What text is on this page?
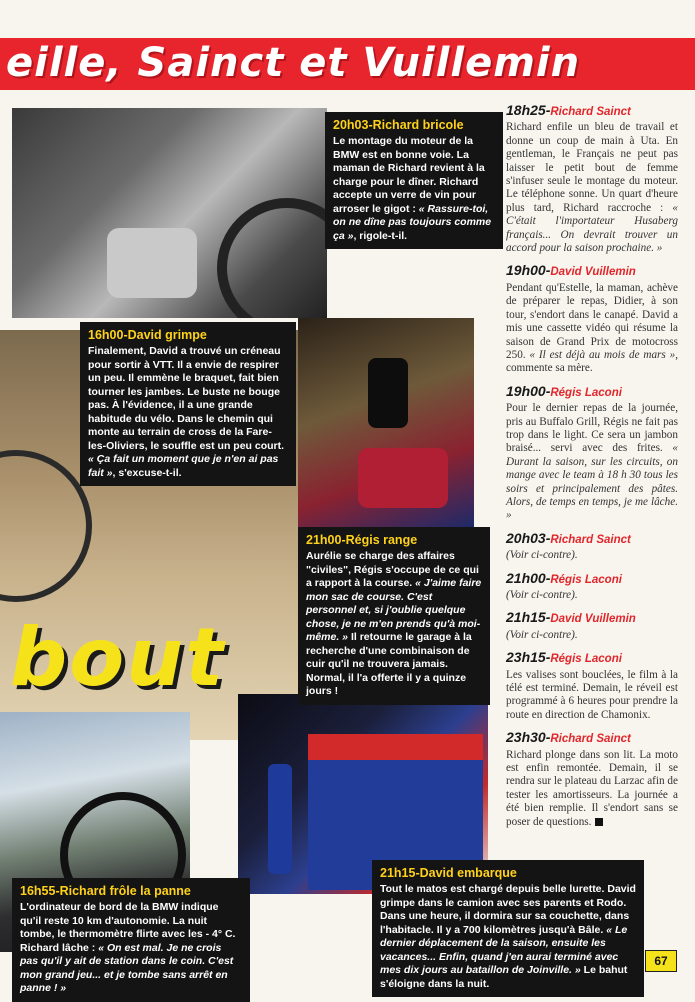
eille, Sainct et Vuillemin
bout
20h03-Richard bricole
Le montage du moteur de la BMW est en bonne voie. La maman de Richard revient à la charge pour le dîner. Richard accepte un verre de vin pour arroser le gigot : « Rassure-toi, on ne dîne pas toujours comme ça », rigole-t-il.
16h00-David grimpe
Finalement, David a trouvé un créneau pour sortir à VTT. Il a envie de respirer un peu. Il emmène le braquet, fait bien tourner les jambes. Le buste ne bouge pas. À l'évidence, il a une grande habitude du vélo. Dans le chemin qui monte au terrain de cross de la Fare-les-Oliviers, le souffle est un peu court. « Ça fait un moment que je n'en ai pas fait », s'excuse-t-il.
21h00-Régis range
Aurélie se charge des affaires "civiles", Régis s'occupe de ce qui a rapport à la course. « J'aime faire mon sac de course. C'est personnel et, si j'oublie quelque chose, je ne m'en prends qu'à moi-même. » Il retourne le garage à la recherche d'une combinaison de cuir qu'il ne trouvera jamais. Normal, il l'a offerte il y a quinze jours !
16h55-Richard frôle la panne
L'ordinateur de bord de la BMW indique qu'il reste 10 km d'autonomie. La nuit tombe, le thermomètre flirte avec les - 4° C. Richard lâche : « On est mal. Je ne crois pas qu'il y ait de station dans le coin. C'est mon grand jeu... et je tombe sans arrêt en panne ! »
21h15-David embarque
Tout le matos est chargé depuis belle lurette. David grimpe dans le camion avec ses parents et Rodo. Dans une heure, il dormira sur sa couchette, dans l'habitacle. Il y a 700 kilomètres jusqu'à Bâle. « Le dernier déplacement de la saison, ensuite les vacances... Enfin, quand j'en aurai terminé avec mes dix jours au bataillon de Joinville. » Le bahut s'éloigne dans la nuit.
18h25-Richard Sainct
Richard enfile un bleu de travail et donne un coup de main à Uta. En gentleman, le Français ne peut pas laisser le petit bout de femme s'infuser seule le montage du moteur. Le téléphone sonne. Un quart d'heure plus tard, Richard raccroche : « C'était l'importateur Husaberg français... On devrait trouver un accord pour la saison prochaine. »
19h00-David Vuillemin
Pendant qu'Estelle, la maman, achève de préparer le repas, Didier, à son tour, s'endort dans le canapé. David a mis une cassette vidéo qui résume la saison de Grand Prix de motocross 250. « Il est déjà au mois de mars », commente sa mère.
19h00-Régis Laconi
Pour le dernier repas de la journée, pris au Buffalo Grill, Régis ne fait pas trop dans le light. Ce sera un jambon braisé... servi avec des frites. « Durant la saison, sur les circuits, on mange avec le team à 18 h 30 tous les soirs et principalement des pâtes. Alors, de temps en temps, je me lâche. »
20h03-Richard Sainct
(Voir ci-contre).
21h00-Régis Laconi
(Voir ci-contre).
21h15-David Vuillemin
(Voir ci-contre).
23h15-Régis Laconi
Les valises sont bouclées, le film à la télé est terminé. Demain, le réveil est programmé à 6 heures pour prendre la route en direction de Chamonix.
23h30-Richard Sainct
Richard plonge dans son lit. La moto est enfin remontée. Demain, il se rendra sur le plateau du Larzac afin de tester les amortisseurs. La journée a été bien remplie. Il s'endort sans se poser de questions.
67
